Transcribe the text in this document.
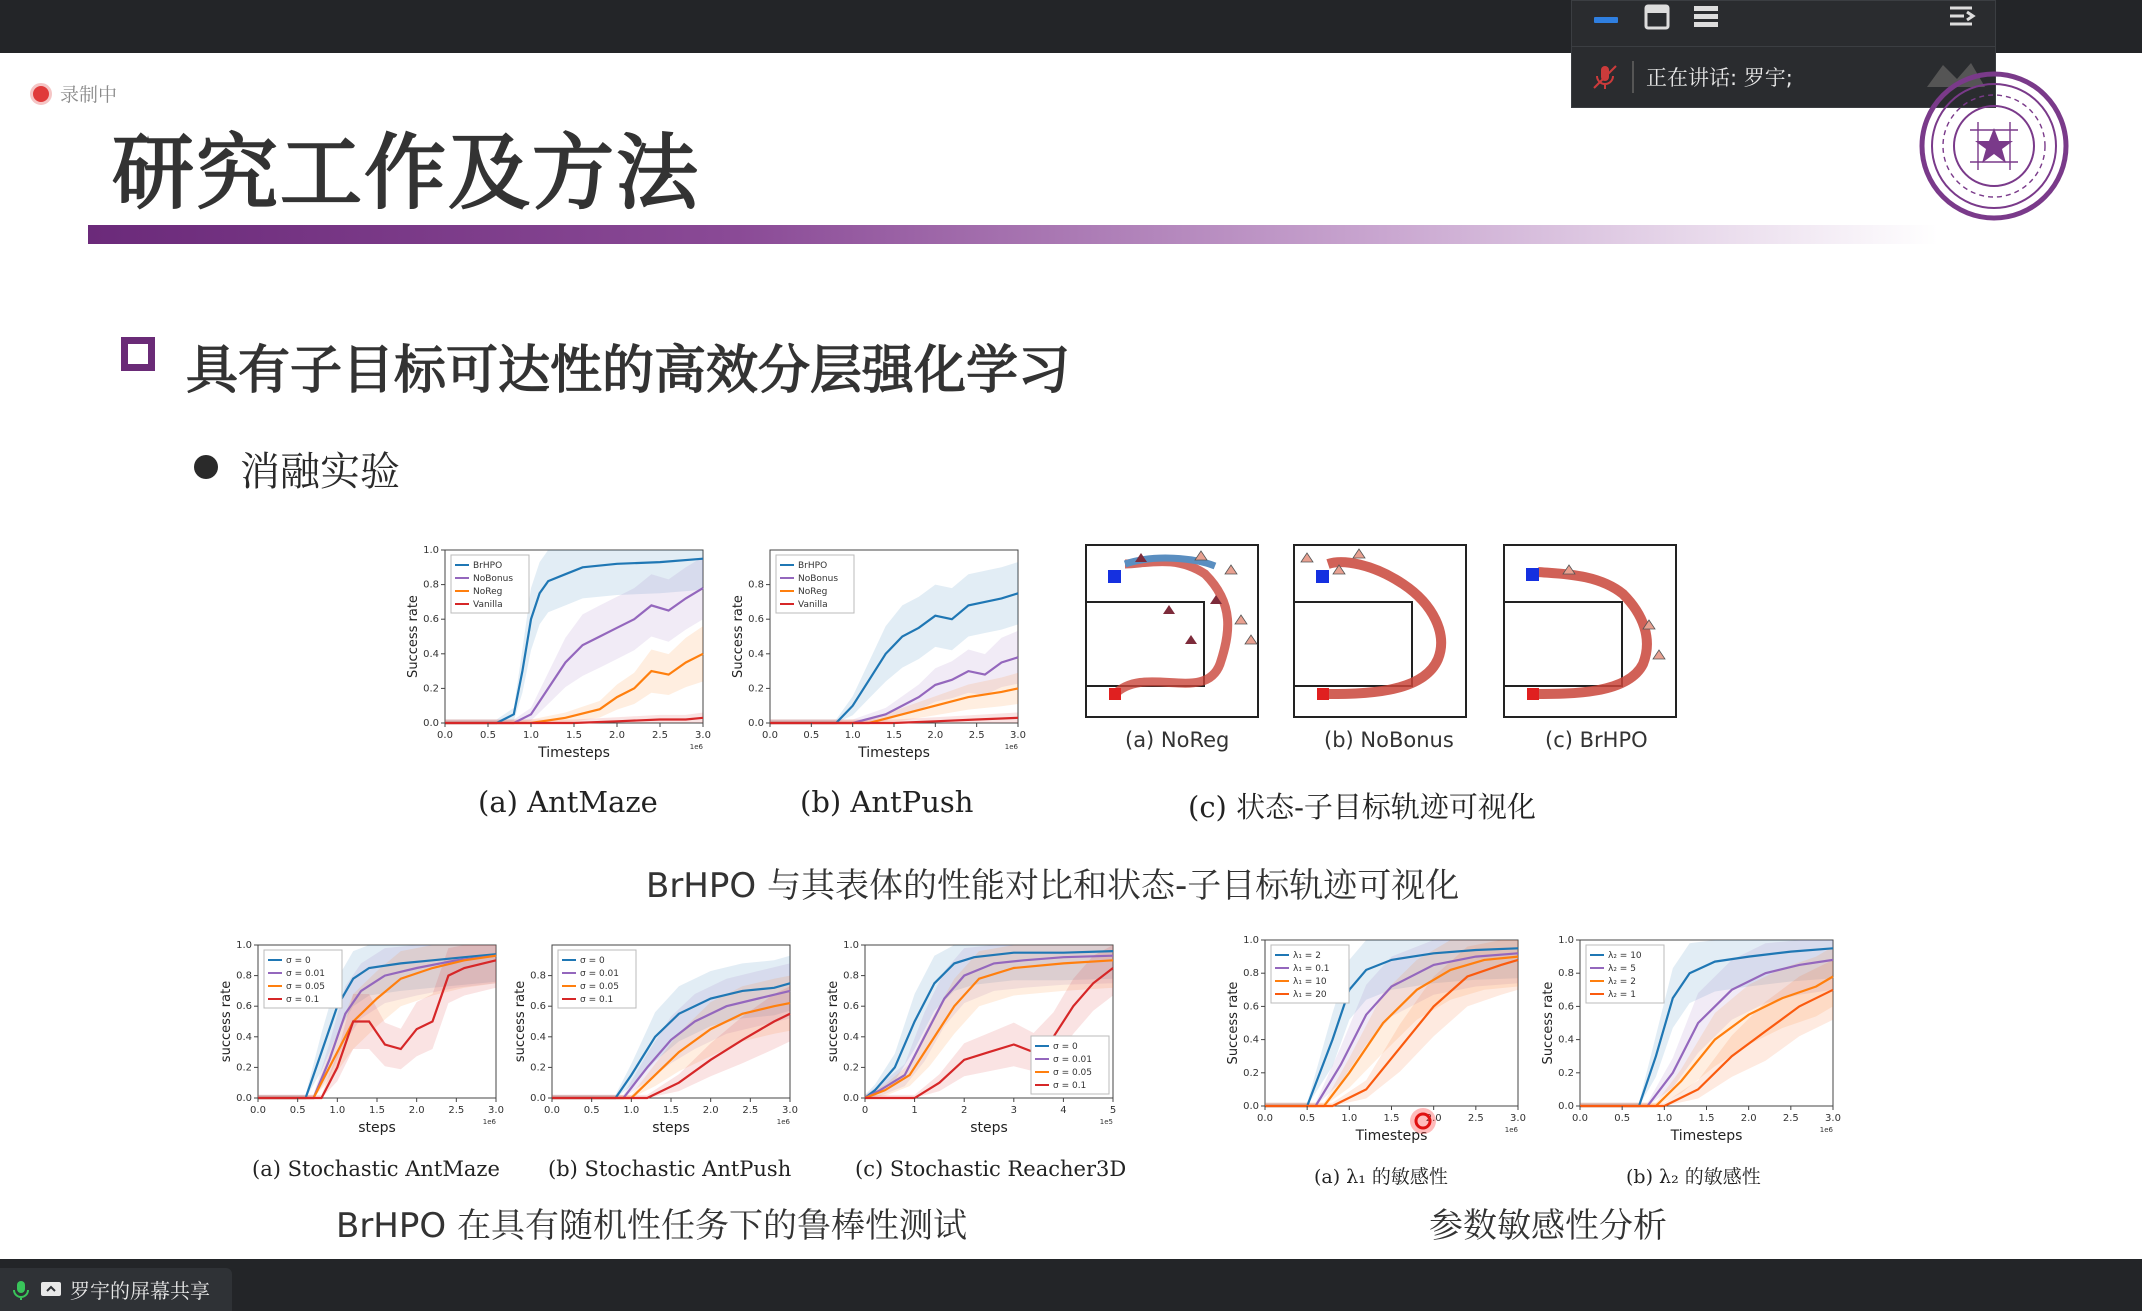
正在讲话: 罗宇;
录制中
研究工作及方法
具有子目标可达性的高效分层强化学习
消融实验
0.0	0.5	1.0	1.5	2.0	2.5	3.0
1e6
0.0
0.2
0.4
0.6
0.8
1.0
Timesteps
Success rate
BrHPO
NoBonus
NoReg
Vanilla
0.0	0.5	1.0	1.5	2.0	2.5	3.0
1e6
0.0
0.2
0.4
0.6
0.8
Timesteps
Success rate
BrHPO
NoBonus
NoReg
Vanilla
(a) NoReg	(b) NoBonus	(c) BrHPO
(a) AntMaze	(b) AntPush	(c) 状态-子目标轨迹可视化
BrHPO 与其表体的性能对比和状态-子目标轨迹可视化
0.0 0.5 1.0 1.5 2.0 2.5 3.0
1e6
0.0
0.2
0.4
0.6
0.8
1.0
steps
success rate
σ = 0
σ = 0.01
σ = 0.05
σ = 0.1
0.0 0.5 1.0 1.5 2.0 2.5 3.0
1e6
0.0
0.2
0.4
0.6
0.8
steps
success rate
σ = 0
σ = 0.01
σ = 0.05
σ = 0.1
0	1	2	3	4	5
1e5
0.0
0.2
0.4
0.6
0.8
1.0
steps
success rate	σ = 0
σ = 0.01
σ = 0.05
σ = 0.1
0.0	0.5	1.0	1.5	2.0	2.5	3.0
1e6
0.0
0.2
0.4
0.6
0.8
1.0
Timesteps
Success rate
λ₁ = 2
λ₁ = 0.1
λ₁ = 10
λ₁ = 20
0.0	0.5	1.0	1.5	2.0	2.5	3.0
1e6
0.0
0.2
0.4
0.6
0.8
1.0
Timesteps
Success rate
λ₂ = 10
λ₂ = 5
λ₂ = 2
λ₂ = 1
(a) Stochastic AntMaze (b) Stochastic AntPush	(c) Stochastic Reacher3D	(a) λ₁ 的敏感性	(b) λ₂ 的敏感性
BrHPO 在具有随机性任务下的鲁棒性测试	参数敏感性分析
罗宇的屏幕共享
